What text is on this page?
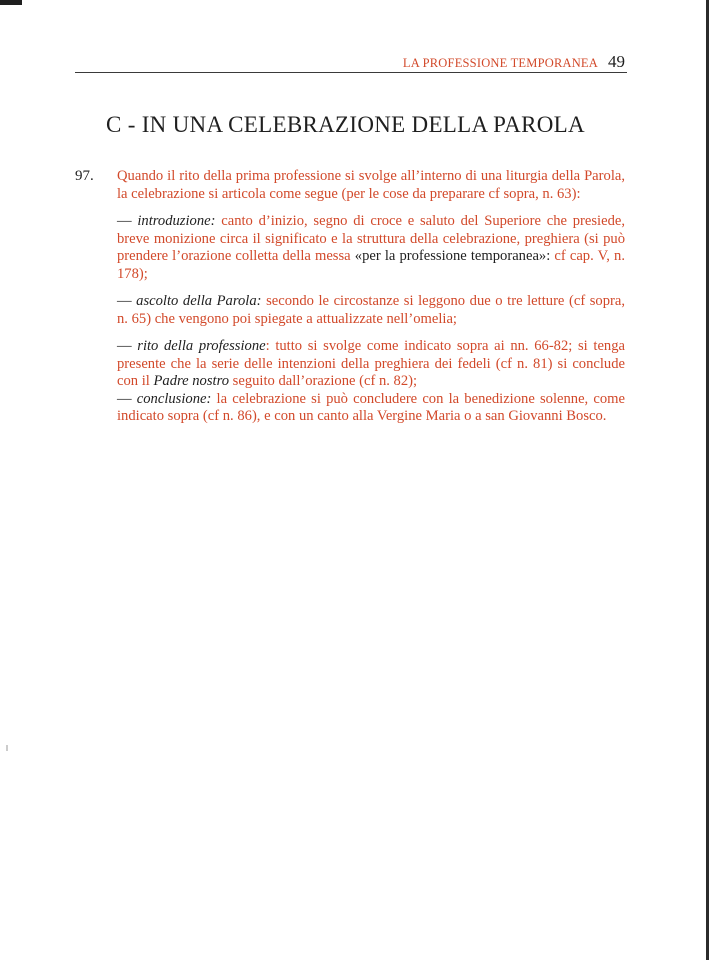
LA PROFESSIONE TEMPORANEA 49
C - IN UNA CELEBRAZIONE DELLA PAROLA
97. Quando il rito della prima professione si svolge all’interno di una liturgia della Parola, la celebrazione si articola come segue (per le cose da preparare cf sopra, n. 63):

— introduzione: canto d’inizio, segno di croce e saluto del Superiore che presiede, breve monizione circa il significato e la struttura della celebrazione, preghiera (si può prendere l’orazione colletta della messa «per la professione temporanea»: cf cap. V, n. 178);

— ascolto della Parola: secondo le circostanze si leggono due o tre letture (cf sopra, n. 65) che vengono poi spiegate a attualizzate nell’omelia;

— rito della professione: tutto si svolge come indicato sopra ai nn. 66-82; si tenga presente che la serie delle intenzioni della preghiera dei fedeli (cf n. 81) si conclude con il Padre nostro seguito dall’orazione (cf n. 82);

— conclusione: la celebrazione si può concludere con la benedizione solenne, come indicato sopra (cf n. 86), e con un canto alla Vergine Maria o a san Giovanni Bosco.
